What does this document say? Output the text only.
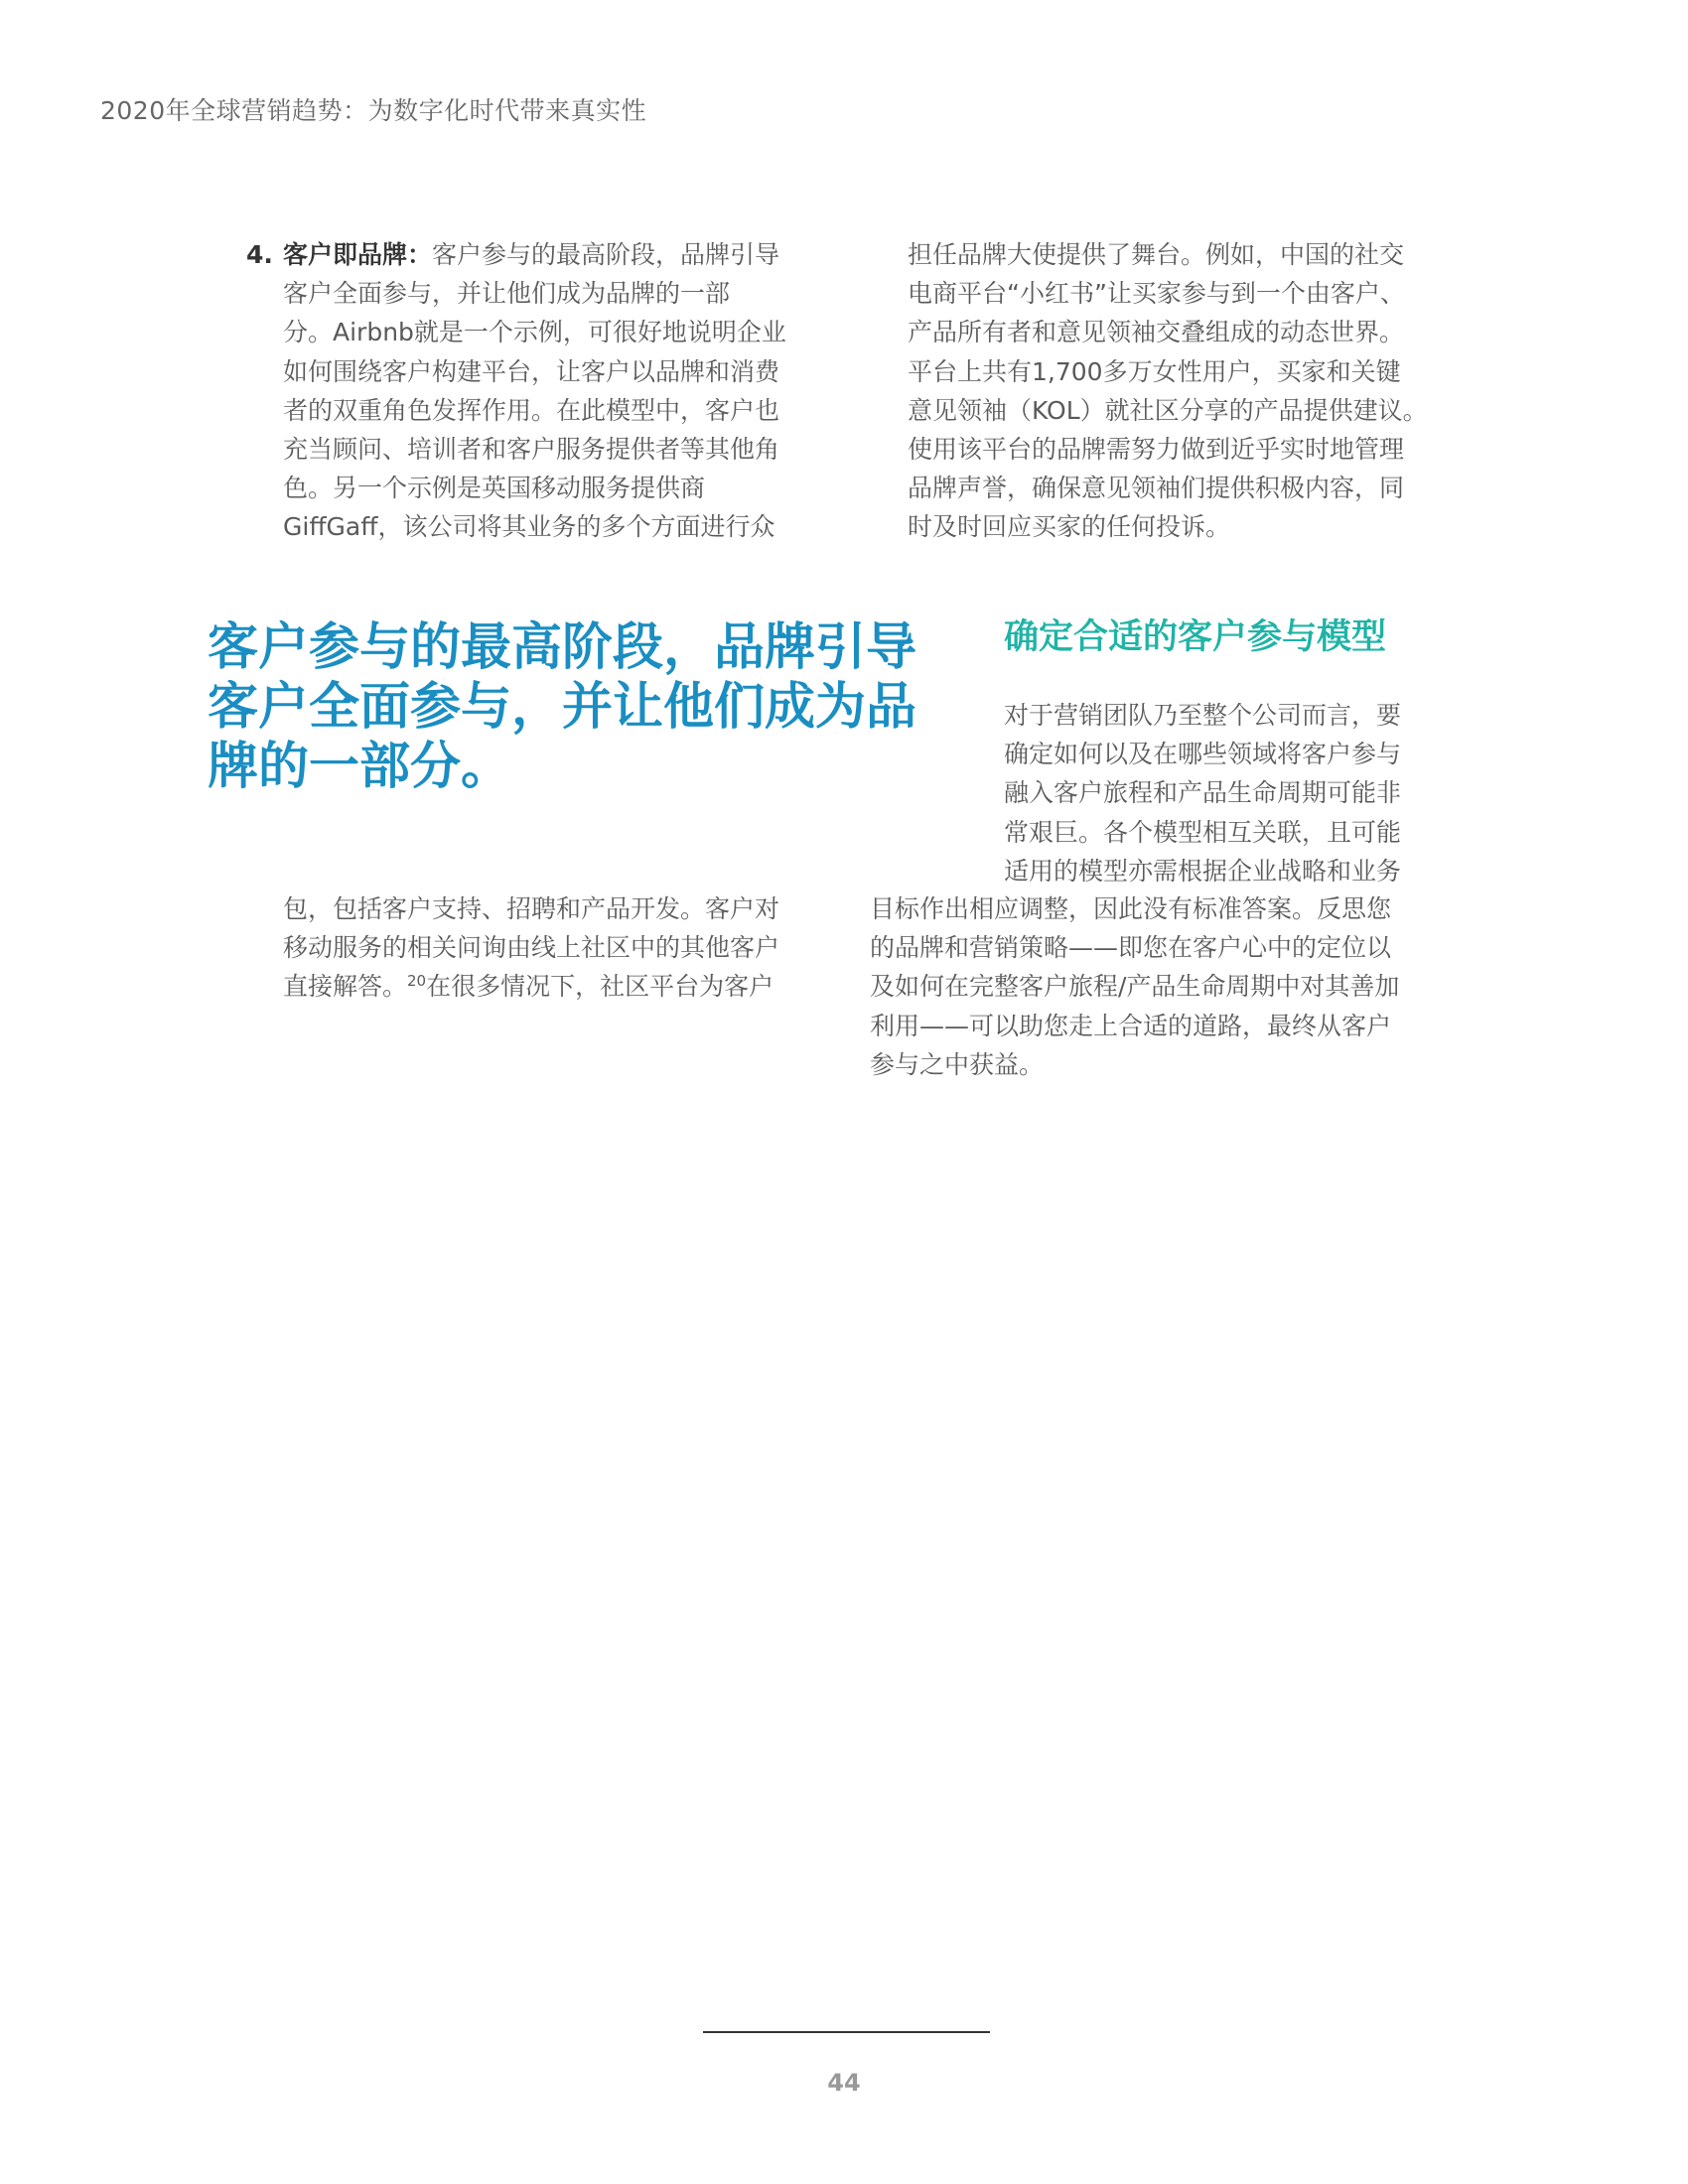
2020年全球营销趋势：为数字化时代带来真实性
4. 客户即品牌：客户参与的最高阶段，品牌引导
客户全面参与，并让他们成为品牌的一部
分。Airbnb就是一个示例，可很好地说明企业
如何围绕客户构建平台，让客户以品牌和消费
者的双重角色发挥作用。在此模型中，客户也
充当顾问、培训者和客户服务提供者等其他角
色。另一个示例是英国移动服务提供商
GiffGaff，该公司将其业务的多个方面进行众
担任品牌大使提供了舞台。例如，中国的社交
电商平台“小红书”让买家参与到一个由客户、
产品所有者和意见领袖交叠组成的动态世界。
平台上共有1,700多万女性用户，买家和关键
意见领袖（KOL）就社区分享的产品提供建议。
使用该平台的品牌需努力做到近乎实时地管理
品牌声誉，确保意见领袖们提供积极内容，同
时及时回应买家的任何投诉。
客户参与的最高阶段，品牌引导
客户全面参与，并让他们成为品
牌的一部分。
确定合适的客户参与模型
对于营销团队乃至整个公司而言，要
确定如何以及在哪些领域将客户参与
融入客户旅程和产品生命周期可能非
常艰巨。各个模型相互关联，且可能
适用的模型亦需根据企业战略和业务
目标作出相应调整，因此没有标准答案。反思您
的品牌和营销策略——即您在客户心中的定位以
及如何在完整客户旅程/产品生命周期中对其善加
利用——可以助您走上合适的道路，最终从客户
参与之中获益。
包，包括客户支持、招聘和产品开发。客户对
移动服务的相关问询由线上社区中的其他客户
直接解答。$^{20}$在很多情况下，社区平台为客户
44
